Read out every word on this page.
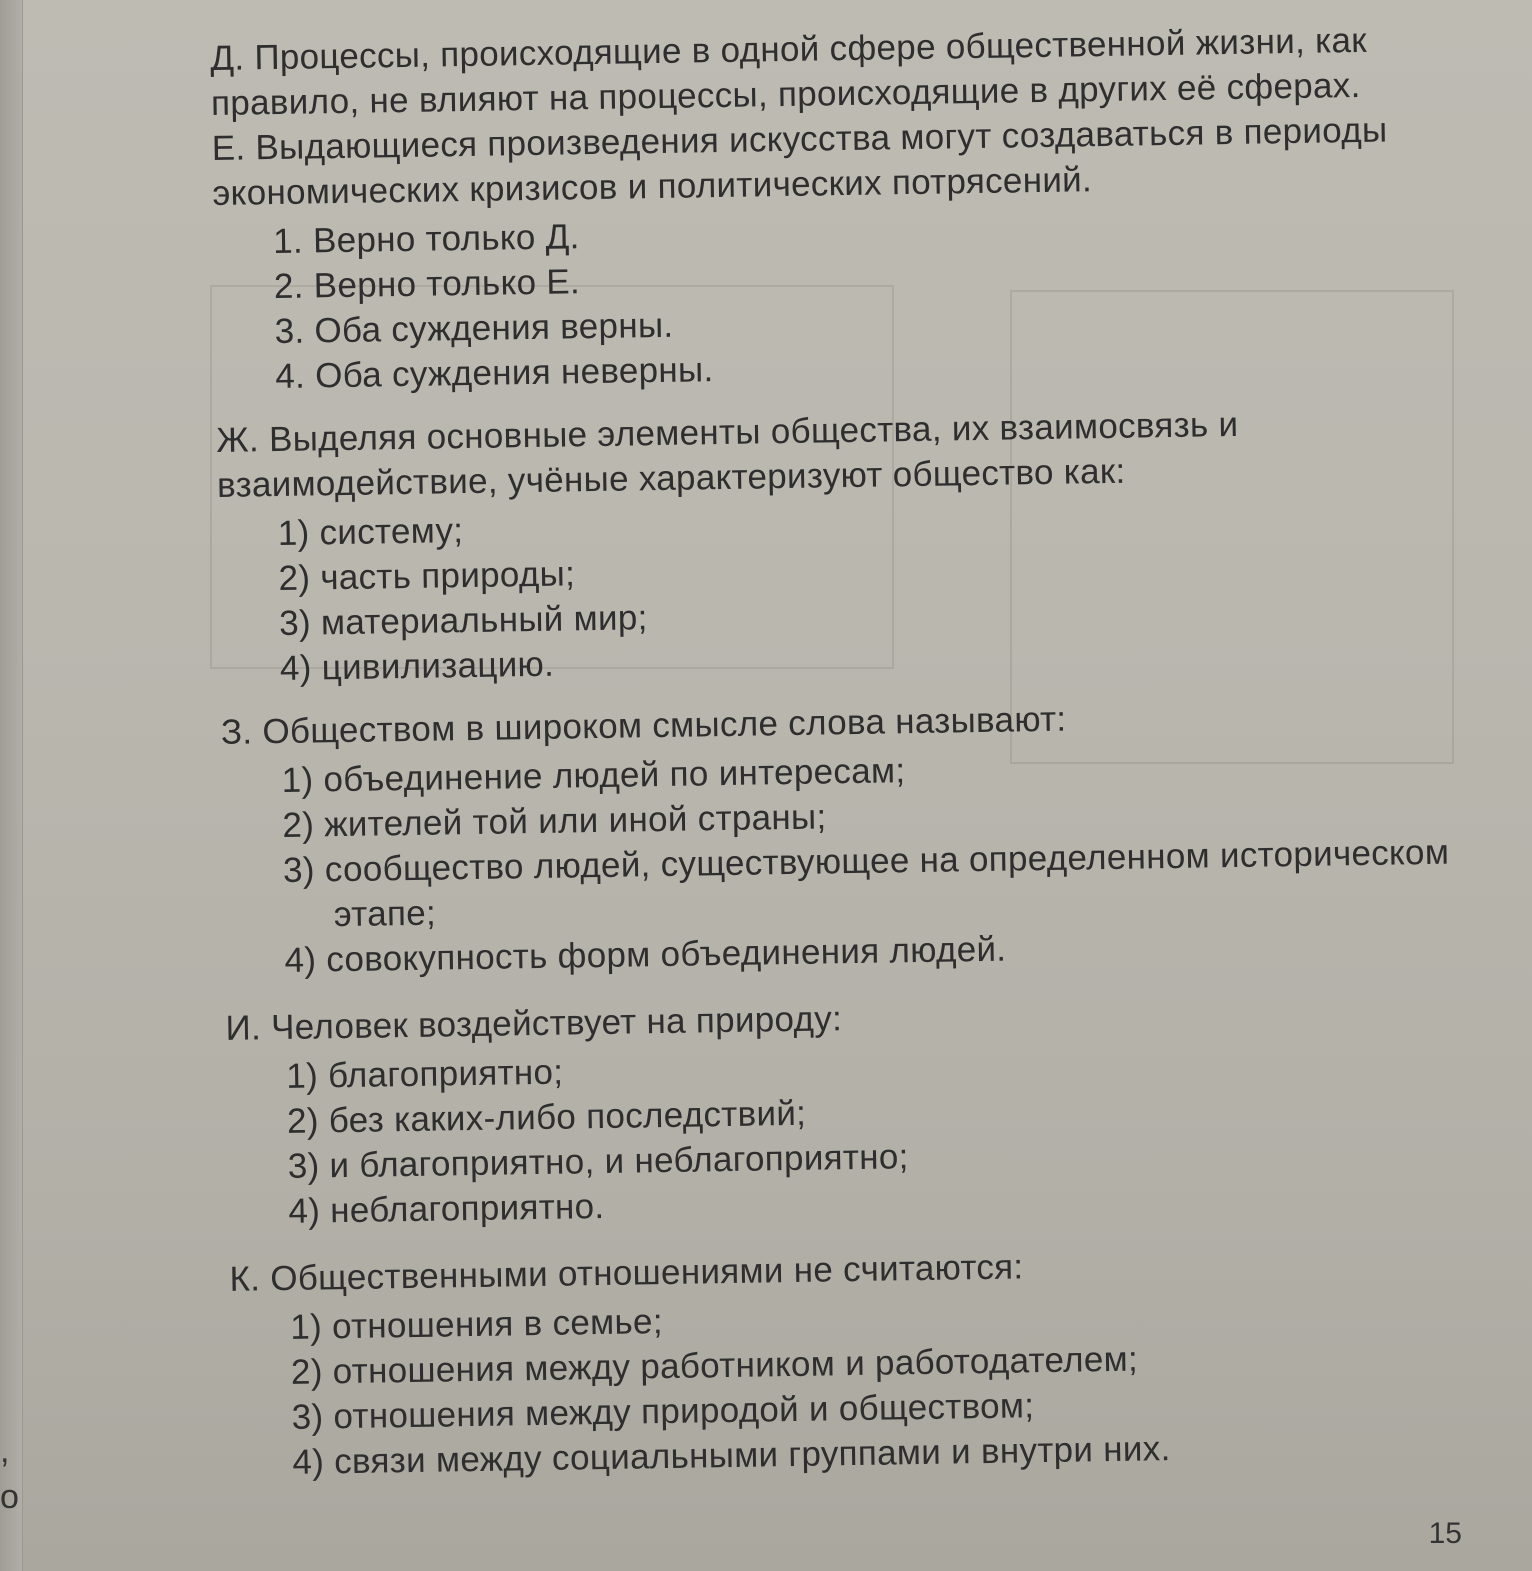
,
о

Д. Процессы, происходящие в одной сфере общественной жизни, как правило, не влияют на процессы, происходящие в других её сферах.

Е. Выдающиеся произведения искусства могут создаваться в периоды экономических кризисов и политических потрясений.

1. Верно только Д.
2. Верно только Е.
3. Оба суждения верны.
4. Оба суждения неверны.

Ж. Выделяя основные элементы общества, их взаимосвязь и взаимодействие, учёные характеризуют общество как:

1) систему;
2) часть природы;
3) материальный мир;
4) цивилизацию.

З. Обществом в широком смысле слова называют:

1) объединение людей по интересам;
2) жителей той или иной страны;
3) сообщество людей, существующее на определенном историческом этапе;
4) совокупность форм объединения людей.

И. Человек воздействует на природу:

1) благоприятно;
2) без каких-либо последствий;
3) и благоприятно, и неблагоприятно;
4) неблагоприятно.

К. Общественными отношениями не считаются:

1) отношения в семье;
2) отношения между работником и работодателем;
3) отношения между природой и обществом;
4) связи между социальными группами и внутри них.
15
